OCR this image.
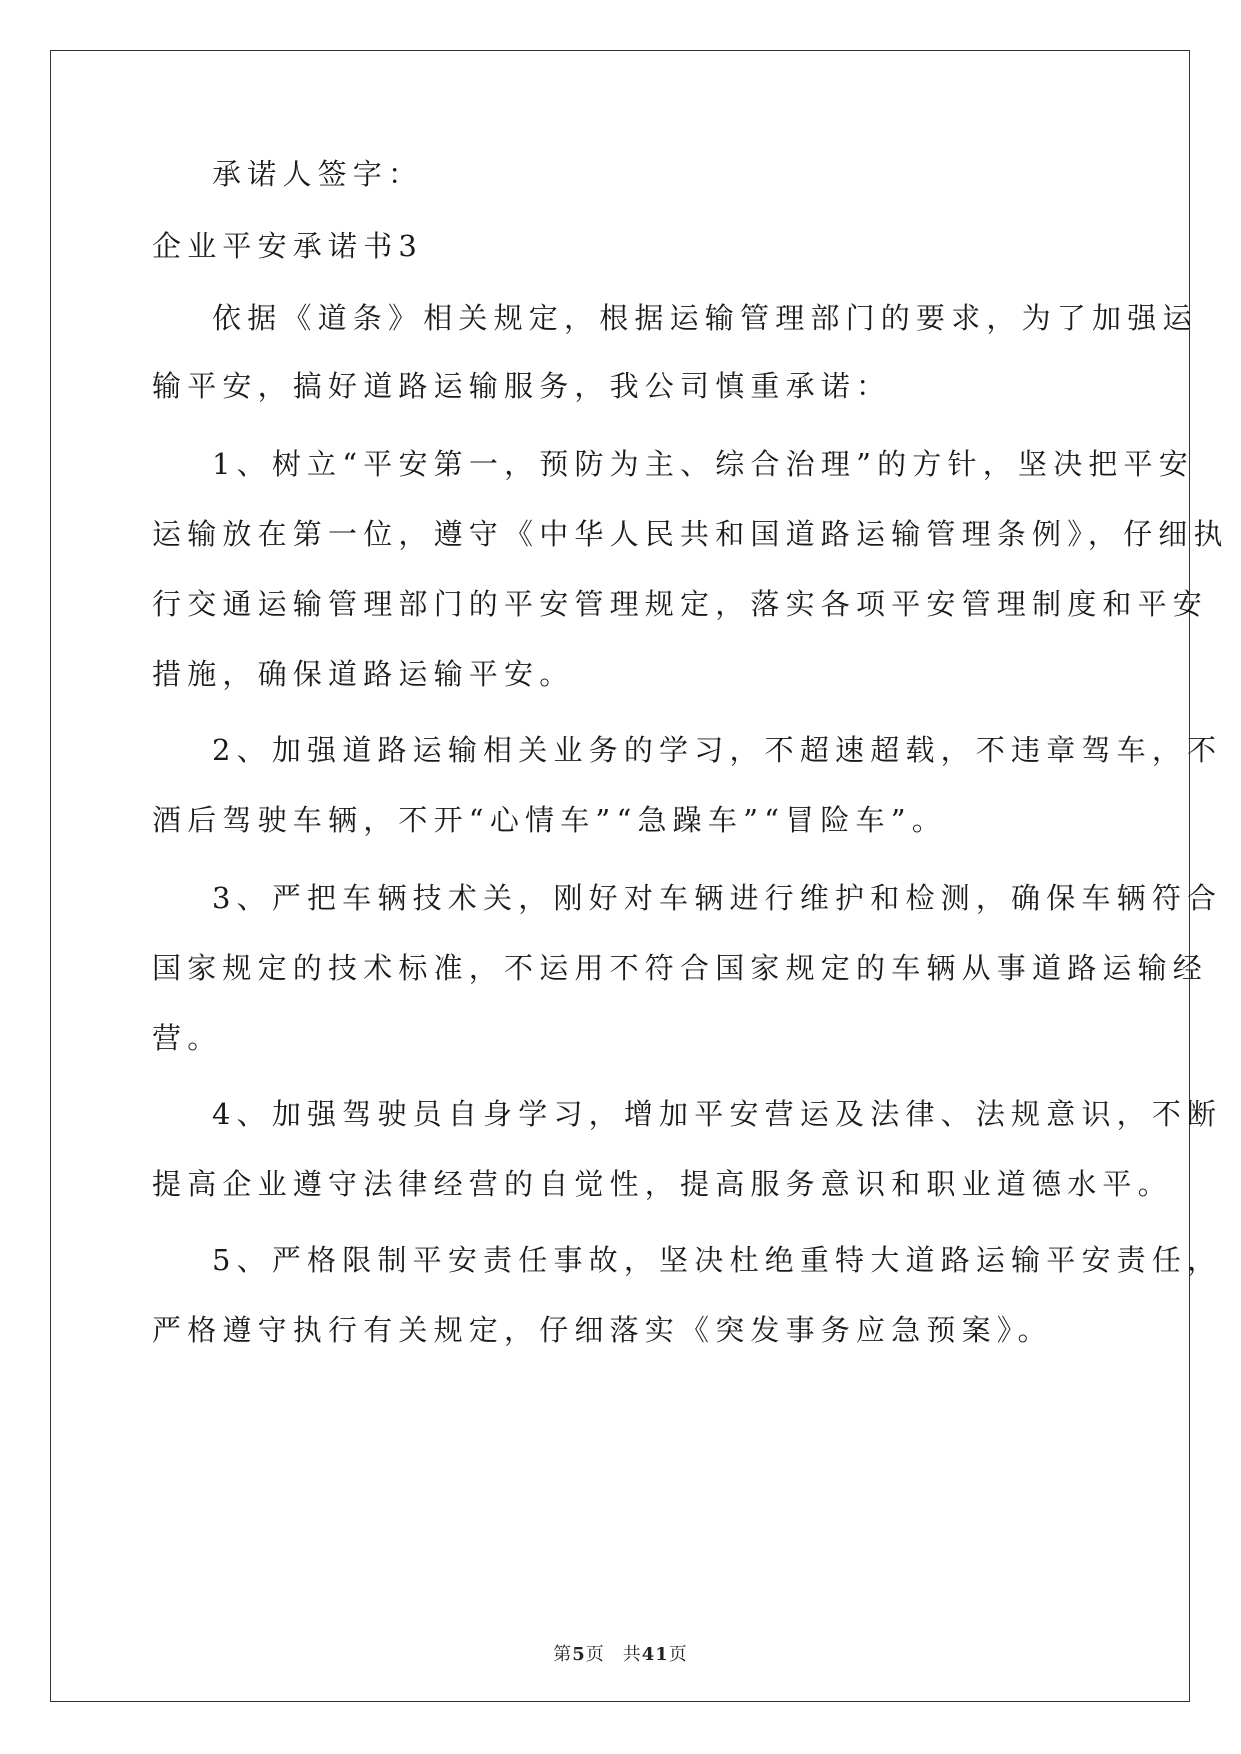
承诺人签字：
企业平安承诺书3
依据《道条》相关规定，根据运输管理部门的要求，为了加强运
输平安，搞好道路运输服务，我公司慎重承诺：
1、树立“平安第一，预防为主、综合治理”的方针，坚决把平安
运输放在第一位，遵守《中华人民共和国道路运输管理条例》，仔细执
行交通运输管理部门的平安管理规定，落实各项平安管理制度和平安
措施，确保道路运输平安。
2、加强道路运输相关业务的学习，不超速超载，不违章驾车，不
酒后驾驶车辆，不开“心情车”“急躁车”“冒险车”。
3、严把车辆技术关，刚好对车辆进行维护和检测，确保车辆符合
国家规定的技术标准，不运用不符合国家规定的车辆从事道路运输经
营。
4、加强驾驶员自身学习，增加平安营运及法律、法规意识，不断
提高企业遵守法律经营的自觉性，提高服务意识和职业道德水平。
5、严格限制平安责任事故，坚决杜绝重特大道路运输平安责任，
严格遵守执行有关规定，仔细落实《突发事务应急预案》。
第5页 共41页
